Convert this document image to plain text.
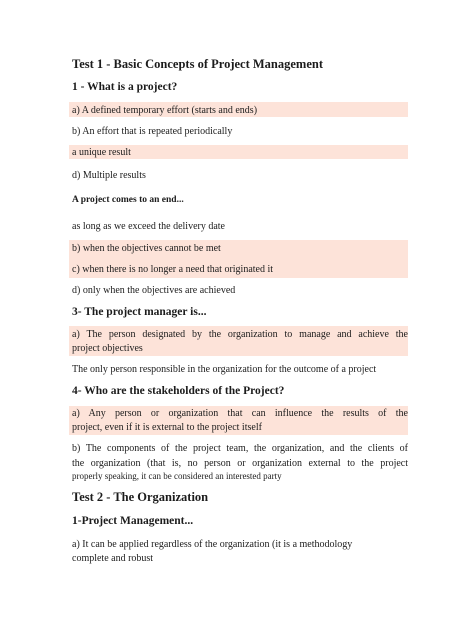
Test 1 - Basic Concepts of Project Management
1 - What is a project?
a) A defined temporary effort (starts and ends)
b) An effort that is repeated periodically
a unique result
d) Multiple results
A project comes to an end...
as long as we exceed the delivery date
b) when the objectives cannot be met
c) when there is no longer a need that originated it
d) only when the objectives are achieved
3- The project manager is...
a) The person designated by the organization to manage and achieve the
project objectives
The only person responsible in the organization for the outcome of a project
4- Who are the stakeholders of the Project?
a) Any person or organization that can influence the results of the
project, even if it is external to the project itself
b) The components of the project team, the organization, and the clients of
the organization (that is, no person or organization external to the project
properly speaking, it can be considered an interested party
Test 2 - The Organization
1-Project Management...
a) It can be applied regardless of the organization (it is a methodology
complete and robust
